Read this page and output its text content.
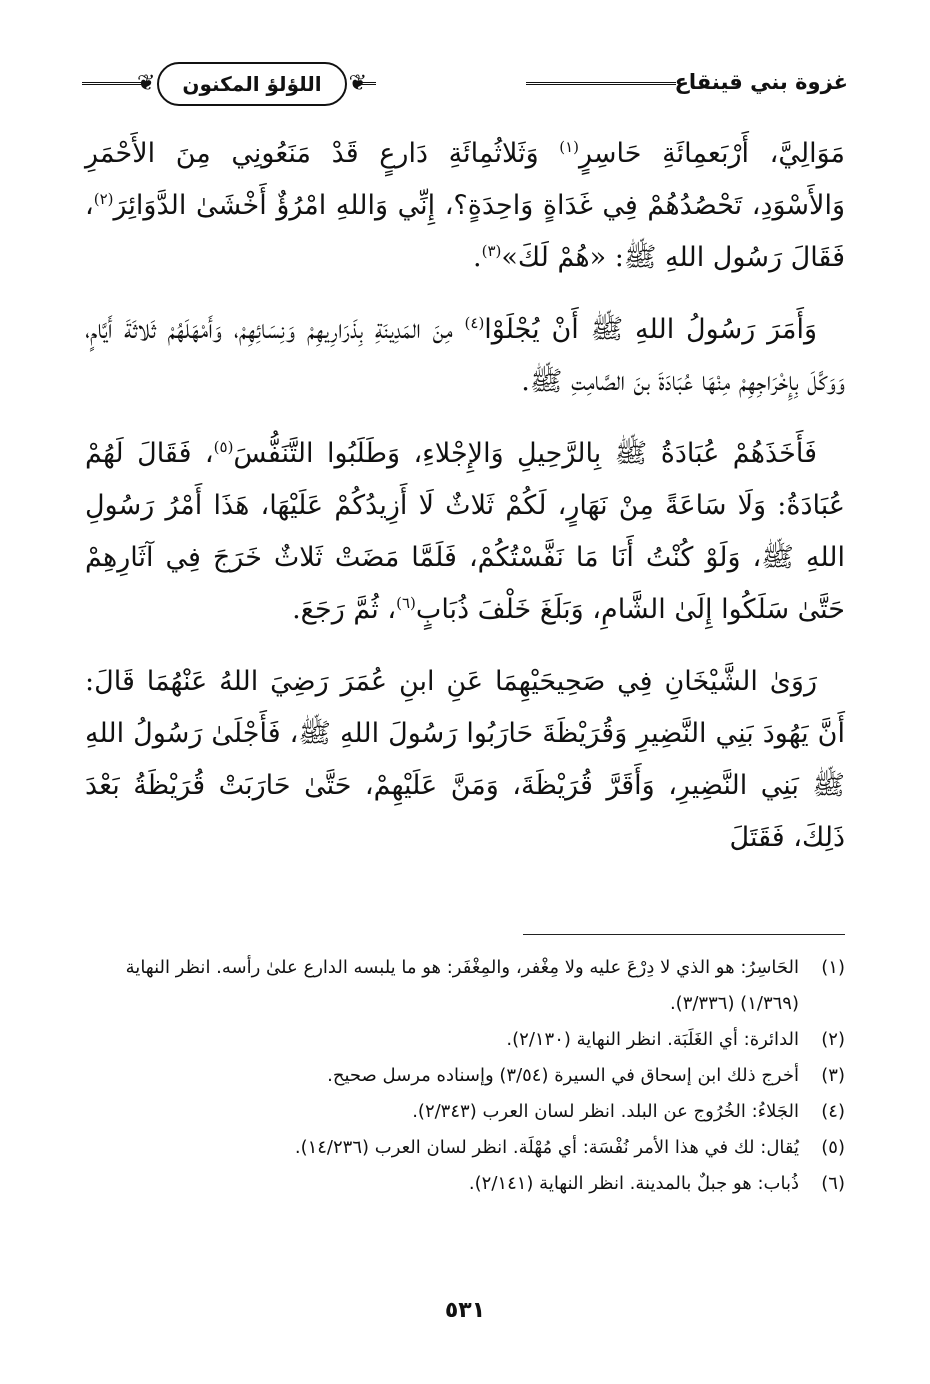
غزوة بني قينقاع
❦
اللؤلؤ المكنون
❦

مَوَالِيَّ، أَرْبَعمِائَةِ حَاسِرٍ$^{(١)}$ وَثَلاثُمِائَةِ دَارعٍ قَدْ مَنَعُونِي مِنَ الأَحْمَرِ وَالأَسْوَدِ، تَحْصُدُهُمْ فِي غَدَاةٍ وَاحِدَةٍ؟، إِنِّي وَاللهِ امْرُؤٌ أَخْشَىٰ الدَّوَائِرَ$^{(٢)}$، فَقَالَ رَسُول اللهِ ﷺ: «هُمْ لَكَ»$^{(٣)}$.

وَأَمَرَ رَسُولُ اللهِ ﷺ أَنْ يُجْلَوْا$^{(٤)}$ مِنَ المَدِينَةِ بِذَرَارِيهِمْ وَنِسَائِهِمْ، وَأَمْهَلَهُمْ ثَلاثَةَ أَيَّامٍ، وَوَكَّلَ بِإِخْرَاجِهِمْ مِنْهَا عُبَادَةَ بنَ الصَّامِتِ ﷺ.

فَأَخَذَهُمْ عُبَادَةُ ﷺ بِالرَّحِيلِ وَالإِجْلاءِ، وَطَلَبُوا التَّنَفُّسَ$^{(٥)}$، فَقَالَ لَهُمْ عُبَادَةُ: وَلَا سَاعَةً مِنْ نَهَارٍ، لَكُمْ ثَلاثٌ لَا أَزِيدُكُمْ عَلَيْهَا، هَذَا أَمْرُ رَسُولِ اللهِ ﷺ، وَلَوْ كُنْتُ أَنَا مَا نَفَّسْتُكُمْ، فَلَمَّا مَضَتْ ثَلاثٌ خَرَجَ فِي آثَارِهِمْ حَتَّىٰ سَلَكُوا إِلَىٰ الشَّامِ، وَبَلَغَ خَلْفَ ذُبَابٍ$^{(٦)}$، ثُمَّ رَجَعَ.

رَوَىٰ الشَّيْخَانِ فِي صَحِيحَيْهِمَا عَنِ ابنِ عُمَرَ رَضِيَ اللهُ عَنْهُمَا قَالَ: أَنَّ يَهُودَ بَنِي النَّضِيرِ وَقُرَيْظَةَ حَارَبُوا رَسُولَ اللهِ ﷺ، فَأَجْلَىٰ رَسُولُ اللهِ ﷺ بَنِي النَّضِيرِ، وَأَقَرَّ قُرَيْظَةَ، وَمَنَّ عَلَيْهِمْ، حَتَّىٰ حَارَبَتْ قُرَيْظَةُ بَعْدَ ذَلِكَ، فَقَتَلَ

(١)
الحَاسِرُ: هو الذي لا دِرْعَ عليه ولا مِغْفر، والمِغْفَر: هو ما يلبسه الدارع علىٰ رأسه. انظر النهاية (١/٣٦٩) (٣/٣٣٦).
(٢)
الدائرة: أي الغَلَبَة. انظر النهاية (٢/١٣٠).
(٣)
أخرج ذلك ابن إسحاق في السيرة (٣/٥٤) وإسناده مرسل صحيح.
(٤)
الجَلاءُ: الخُرُوج عن البلد. انظر لسان العرب (٢/٣٤٣).
(٥)
يُقال: لك في هذا الأمر نُفْسَة: أي مُهْلَة. انظر لسان العرب (١٤/٢٣٦).
(٦)
ذُباب: هو جبلٌ بالمدينة. انظر النهاية (٢/١٤١).
٥٣١
